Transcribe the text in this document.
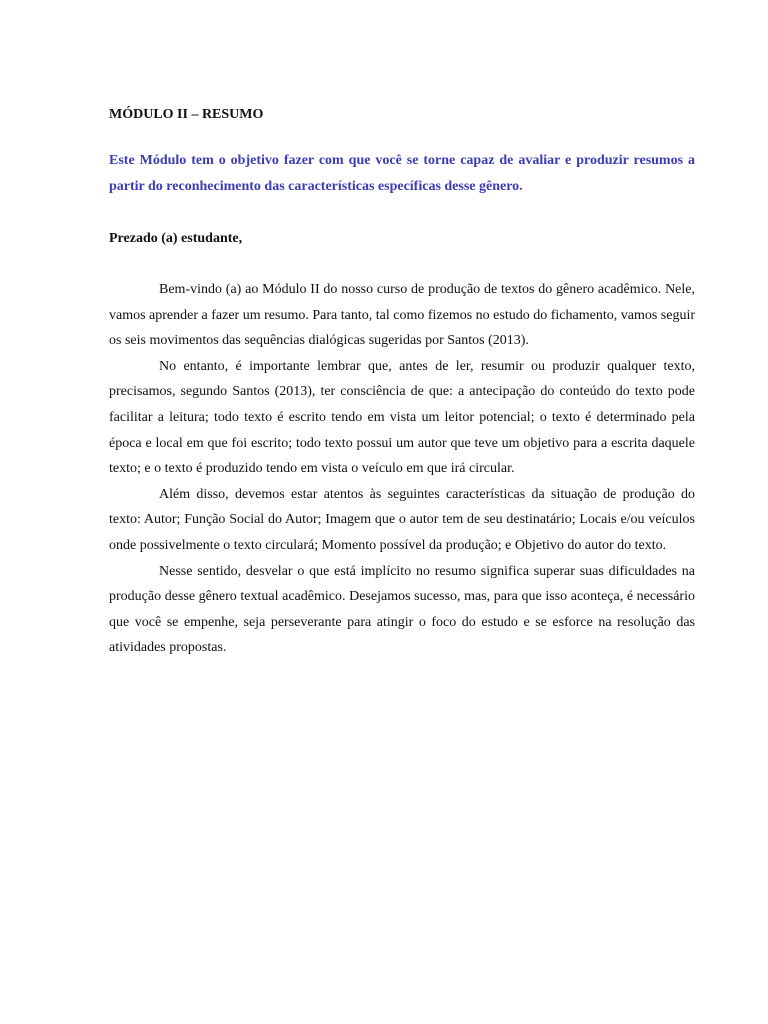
MÓDULO II – RESUMO

Este Módulo tem o objetivo fazer com que você se torne capaz de avaliar e produzir resumos a partir do reconhecimento das características específicas desse gênero.

Prezado (a) estudante,

Bem-vindo (a) ao Módulo II do nosso curso de produção de textos do gênero acadêmico. Nele, vamos aprender a fazer um resumo. Para tanto, tal como fizemos no estudo do fichamento, vamos seguir os seis movimentos das sequências dialógicas sugeridas por Santos (2013).

No entanto, é importante lembrar que, antes de ler, resumir ou produzir qualquer texto, precisamos, segundo Santos (2013), ter consciência de que: a antecipação do conteúdo do texto pode facilitar a leitura; todo texto é escrito tendo em vista um leitor potencial; o texto é determinado pela época e local em que foi escrito; todo texto possui um autor que teve um objetivo para a escrita daquele texto; e o texto é produzido tendo em vista o veículo em que irá circular.

Além disso, devemos estar atentos às seguintes características da situação de produção do texto: Autor; Função Social do Autor; Imagem que o autor tem de seu destinatário; Locais e/ou veículos onde possivelmente o texto circulará; Momento possível da produção; e Objetivo do autor do texto.

Nesse sentido, desvelar o que está implícito no resumo significa superar suas dificuldades na produção desse gênero textual acadêmico. Desejamos sucesso, mas, para que isso aconteça, é necessário que você se empenhe, seja perseverante para atingir o foco do estudo e se esforce na resolução das atividades propostas.
